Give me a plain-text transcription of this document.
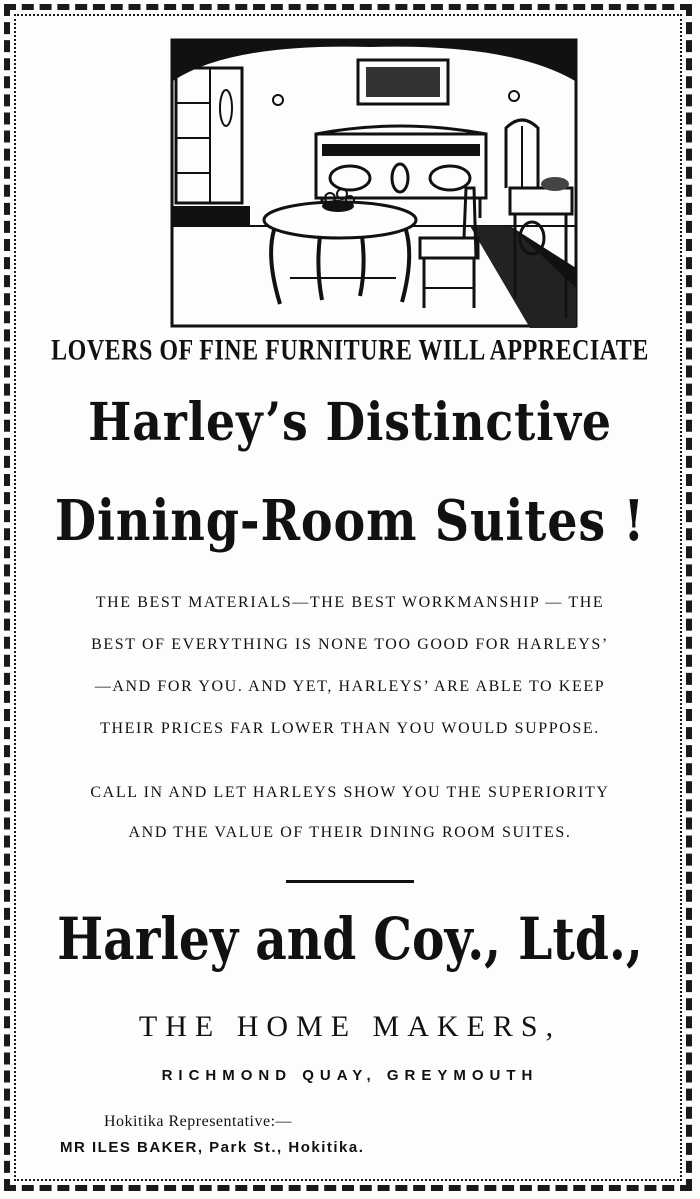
LOVERS OF FINE FURNITURE WILL APPRECIATE

Harley’s Distinctive

Dining-Room Suites !

THE BEST MATERIALS—THE BEST WORKMANSHIP — THE

BEST OF EVERYTHING IS NONE TOO GOOD FOR HARLEYS’

—AND FOR YOU. AND YET, HARLEYS’ ARE ABLE TO KEEP

THEIR PRICES FAR LOWER THAN YOU WOULD SUPPOSE.

CALL IN AND LET HARLEYS SHOW YOU THE SUPERIORITY

AND THE VALUE OF THEIR DINING ROOM SUITES.

Harley and Coy., Ltd.,

THE HOME MAKERS,

RICHMOND QUAY, GREYMOUTH

Hokitika Representative:—

MR ILES BAKER, Park St., Hokitika.
